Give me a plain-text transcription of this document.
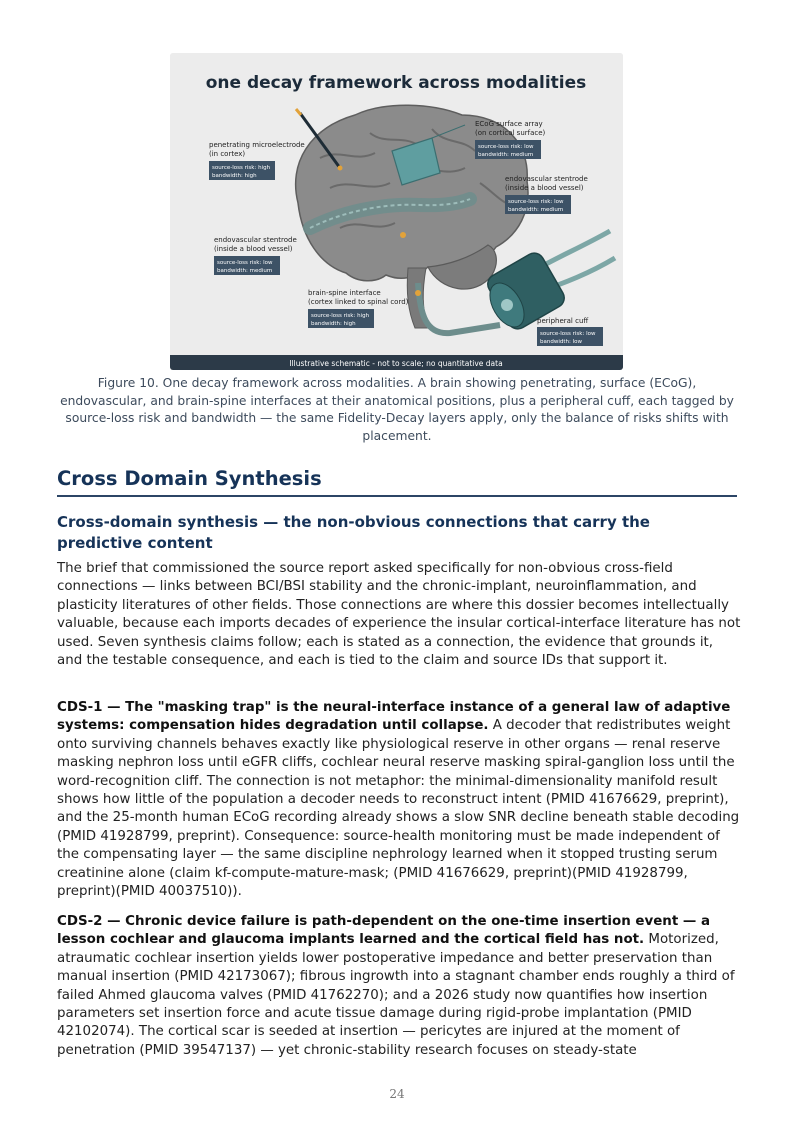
one decay framework across modalities
penetrating microelectrode
(in cortex)
source-loss risk: high
bandwidth: high
ECoG surface array
(on cortical surface)
source-loss risk: low
bandwidth: medium
endovascular stentrode
(inside a blood vessel)
source-loss risk: low
bandwidth: medium
endovascular stentrode
(inside a blood vessel)
source-loss risk: low
bandwidth: medium
brain-spine interface
(cortex linked to spinal cord)
source-loss risk: high
bandwidth: high	peripheral cuff
source-loss risk: low
bandwidth: low
Illustrative schematic - not to scale; no quantitative data
Figure 10. One decay framework across modalities. A brain showing penetrating, surface (ECoG), endovascular, and brain-spine interfaces at their anatomical positions, plus a peripheral cuff, each tagged by source-loss risk and bandwidth — the same Fidelity-Decay layers apply, only the balance of risks shifts with placement.
Cross Domain Synthesis
Cross-domain synthesis — the non-obvious connections that carry the predictive content

The brief that commissioned the source report asked specifically for non-obvious cross-field connections — links between BCI/BSI stability and the chronic-implant, neuroinflammation, and plasticity literatures of other fields. Those connections are where this dossier becomes intellectually valuable, because each imports decades of experience the insular cortical-interface literature has not used. Seven synthesis claims follow; each is stated as a connection, the evidence that grounds it, and the testable consequence, and each is tied to the claim and source IDs that support it.

CDS-1 — The "masking trap" is the neural-interface instance of a general law of adaptive systems: compensation hides degradation until collapse. A decoder that redistributes weight onto surviving channels behaves exactly like physiological reserve in other organs — renal reserve masking nephron loss until eGFR cliffs, cochlear neural reserve masking spiral-ganglion loss until the word-recognition cliff. The connection is not metaphor: the minimal-dimensionality manifold result shows how little of the population a decoder needs to reconstruct intent (PMID 41676629, preprint), and the 25-month human ECoG recording already shows a slow SNR decline beneath stable decoding (PMID 41928799, preprint). Consequence: source-health monitoring must be made independent of the compensating layer — the same discipline nephrology learned when it stopped trusting serum creatinine alone (claim kf-compute-mature-mask; (PMID 41676629, preprint)(PMID 41928799, preprint)(PMID 40037510)).

CDS-2 — Chronic device failure is path-dependent on the one-time insertion event — a lesson cochlear and glaucoma implants learned and the cortical field has not. Motorized, atraumatic cochlear insertion yields lower postoperative impedance and better preservation than manual insertion (PMID 42173067); fibrous ingrowth into a stagnant chamber ends roughly a third of failed Ahmed glaucoma valves (PMID 41762270); and a 2026 study now quantifies how insertion parameters set insertion force and acute tissue damage during rigid-probe implantation (PMID 42102074). The cortical scar is seeded at insertion — pericytes are injured at the moment of penetration (PMID 39547137) — yet chronic-stability research focuses on steady-state

24
